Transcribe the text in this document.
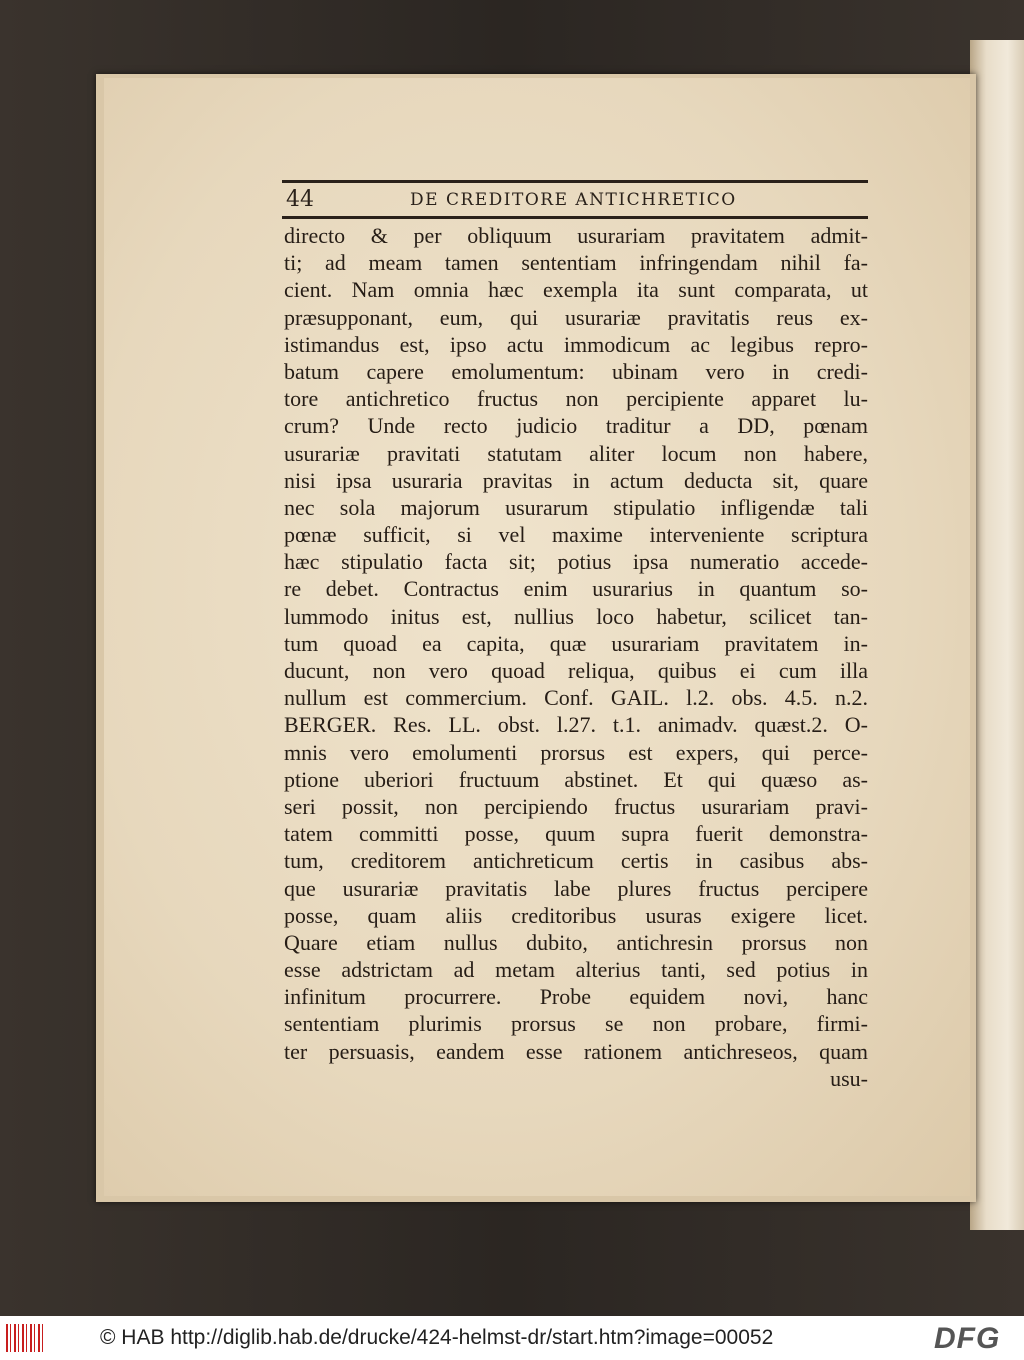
44	DE CREDITORE ANTICHRETICO
directo & per obliquum usurariam pravitatem admit-
ti; ad meam tamen sententiam infringendam nihil fa-
cient. Nam omnia hæc exempla ita sunt comparata, ut
præsupponant, eum, qui usurariæ pravitatis reus ex-
istimandus est, ipso actu immodicum ac legibus repro-
batum capere emolumentum: ubinam vero in credi-
tore antichretico fructus non percipiente apparet lu-
crum? Unde recto judicio traditur a DD, pœnam
usurariæ pravitati statutam aliter locum non habere,
nisi ipsa usuraria pravitas in actum deducta sit, quare
nec sola majorum usurarum stipulatio infligendæ tali
pœnæ sufficit, si vel maxime interveniente scriptura
hæc stipulatio facta sit; potius ipsa numeratio accede-
re debet. Contractus enim usurarius in quantum so-
lummodo initus est, nullius loco habetur, scilicet tan-
tum quoad ea capita, quæ usurariam pravitatem in-
ducunt, non vero quoad reliqua, quibus ei cum illa
nullum est commercium. Conf. GAIL. l.2. obs. 4.5. n.2.
BERGER. Res. LL. obst. l.27. t.1. animadv. quæst.2. O-
mnis vero emolumenti prorsus est expers, qui perce-
ptione uberiori fructuum abstinet. Et qui quæso as-
seri possit, non percipiendo fructus usurariam pravi-
tatem committi posse, quum supra fuerit demonstra-
tum, creditorem antichreticum certis in casibus abs-
que usurariæ pravitatis labe plures fructus percipere
posse, quam aliis creditoribus usuras exigere licet.
Quare etiam nullus dubito, antichresin prorsus non
esse adstrictam ad metam alterius tanti, sed potius in
infinitum procurrere. Probe equidem novi, hanc
sententiam plurimis prorsus se non probare, firmi-
ter persuasis, eandem esse rationem antichreseos, quam
usu-
© HAB http://diglib.hab.de/drucke/424-helmst-dr/start.htm?image=00052	DFG
